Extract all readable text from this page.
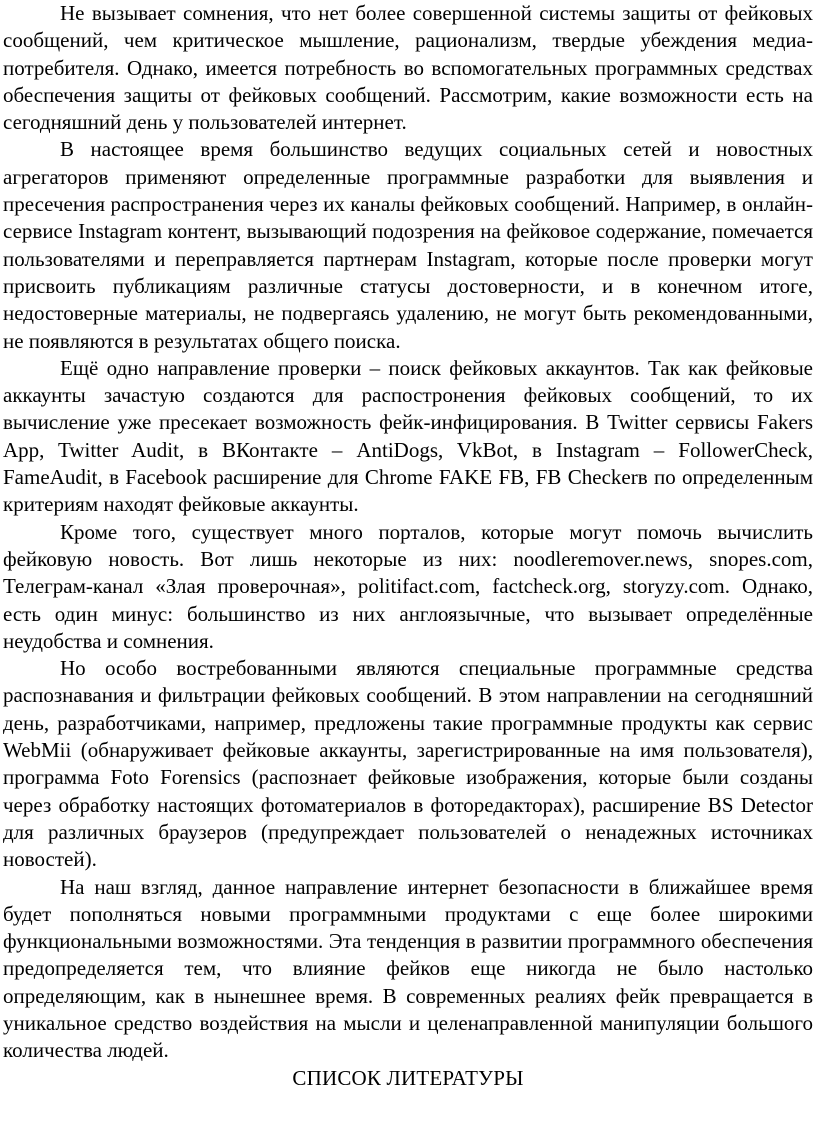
Не вызывает сомнения, что нет более совершенной системы защиты от фейковых сообщений, чем критическое мышление, рационализм, твердые убеждения медиа-потребителя. Однако, имеется потребность во вспомогательных программных средствах обеспечения защиты от фейковых сообщений. Рассмотрим, какие возможности есть на сегодняшний день у пользователей интернет.

В настоящее время большинство ведущих социальных сетей и новостных агрегаторов применяют определенные программные разработки для выявления и пресечения распространения через их каналы фейковых сообщений. Например, в онлайн-сервисе Instagram контент, вызывающий подозрения на фейковое содержание, помечается пользователями и переправляется партнерам Instagram, которые после проверки могут присвоить публикациям различные статусы достоверности, и в конечном итоге, недостоверные материалы, не подвергаясь удалению, не могут быть рекомендованными, не появляются в результатах общего поиска.

Ещё одно направление проверки – поиск фейковых аккаунтов. Так как фейковые аккаунты зачастую создаются для распостронения фейковых сообщений, то их вычисление уже пресекает возможность фейк-инфицирования. В Twitter сервисы Fakers App, Twitter Audit, в ВКонтакте – AntiDogs, VkBot, в Instagram – FollowerCheck, FameAudit, в Facebook расширение для Chrome FAKE FB, FB Checkerв по определенным критериям находят фейковые аккаунты.

Кроме того, существует много порталов, которые могут помочь вычислить фейковую новость. Вот лишь некоторые из них: noodleremover.news, snopes.com, Телеграм-канал «Злая проверочная», politifact.com, factcheck.org, storyzy.com. Однако, есть один минус: большинство из них англоязычные, что вызывает определённые неудобства и сомнения.

Но особо востребованными являются специальные программные средства распознавания и фильтрации фейковых сообщений. В этом направлении на сегодняшний день, разработчиками, например, предложены такие программные продукты как сервис WebMii (обнаруживает фейковые аккаунты, зарегистрированные на имя пользователя), программа Foto Forensics (распознает фейковые изображения, которые были созданы через обработку настоящих фотоматериалов в фоторедакторах), расширение BS Detector для различных браузеров (предупреждает пользователей о ненадежных источниках новостей).

На наш взгляд, данное направление интернет безопасности в ближайшее время будет пополняться новыми программными продуктами с еще более широкими функциональными возможностями. Эта тенденция в развитии программного обеспечения предопределяется тем, что влияние фейков еще никогда не было настолько определяющим, как в нынешнее время. В современных реалиях фейк превращается в уникальное средство воздействия на мысли и целенаправленной манипуляции большого количества людей.

СПИСОК ЛИТЕРАТУРЫ
